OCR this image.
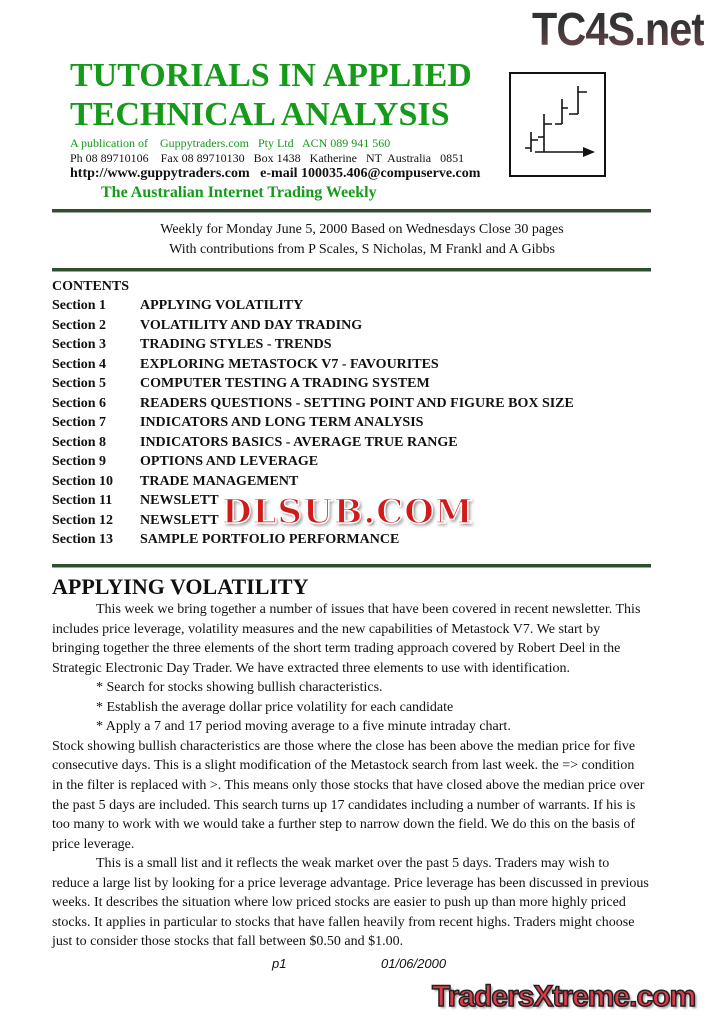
TC4S.net
TUTORIALS IN APPLIED
TECHNICAL ANALYSIS
A publication of    Guppytraders.com   Pty Ltd   ACN 089 941 560
Ph 08 89710106    Fax 08 89710130   Box 1438   Katherine   NT  Australia   0851
http://www.guppytraders.com   e-mail 100035.406@compuserve.com
The Australian Internet Trading Weekly
Weekly for Monday June 5, 2000 Based on Wednesdays Close 30 pages
With contributions from P Scales, S Nicholas, M Frankl and A Gibbs
CONTENTS
Section 1 APPLYING VOLATILITY
Section 2 VOLATILITY AND DAY TRADING
Section 3 TRADING STYLES - TRENDS
Section 4 EXPLORING METASTOCK V7 - FAVOURITES
Section 5 COMPUTER TESTING A TRADING SYSTEM
Section 6 READERS QUESTIONS - SETTING POINT AND FIGURE BOX SIZE
Section 7 INDICATORS AND LONG TERM ANALYSIS
Section 8 INDICATORS BASICS - AVERAGE TRUE RANGE
Section 9 OPTIONS AND LEVERAGE
Section 10 TRADE MANAGEMENT
Section 11 NEWSLETT
Section 12 NEWSLETT
Section 13 SAMPLE PORTFOLIO PERFORMANCE
DLSUB.COM
APPLYING VOLATILITY
This week we bring together a number of issues that have been covered in recent newsletter. This
includes price leverage, volatility measures and the new capabilities of Metastock V7. We start by
bringing together the three elements of the short term trading approach covered by Robert Deel in the
Strategic Electronic Day Trader. We have extracted three elements to use with identification.
* Search for stocks showing bullish characteristics.
* Establish the average dollar price volatility for each candidate
* Apply a 7 and 17 period moving average to a five minute intraday chart.
Stock showing bullish characteristics are those where the close has been above the median price for five
consecutive days. This is a slight modification of the Metastock search from last week. the => condition
in the filter is replaced with >. This means only those stocks that have closed above the median price over
the past 5 days are included. This search turns up 17 candidates including a number of warrants. If his is
too many to work with we would take a further step to narrow down the field. We do this on the basis of
price leverage.
This is a small list and it reflects the weak market over the past 5 days. Traders may wish to
reduce a large list by looking for a price leverage advantage. Price leverage has been discussed in previous
weeks. It describes the situation where low priced stocks are easier to push up than more highly priced
stocks. It applies in particular to stocks that have fallen heavily from recent highs. Traders might choose
just to consider those stocks that fall between $0.50 and $1.00.
p1	01/06/2000
TradersXtreme.com
